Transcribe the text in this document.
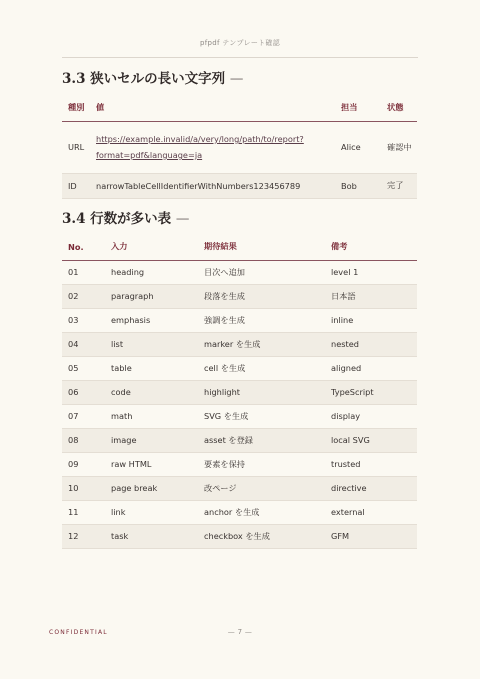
pfpdf テンプレート確認
3.3 狭いセルの長い文字列 —
種別	値	担当	状態
URL	https://example.invalid/a/very/long/path/to/report?
format=pdf&language=ja	Alice	確認中
ID	narrowTableCellIdentifierWithNumbers123456789	Bob	完了
3.4 行数が多い表 —
No.	入力	期待結果	備考
01	heading	目次へ追加	level 1
02	paragraph	段落を生成	日本語
03	emphasis	強調を生成	inline
04	list	marker を生成	nested
05	table	cell を生成	aligned
06	code	highlight	TypeScript
07	math	SVG を生成	display
08	image	asset を登録	local SVG
09	raw HTML	要素を保持	trusted
10	page break	改ページ	directive
11	link	anchor を生成	external
12	task	checkbox を生成	GFM
CONFIDENTIAL	— 7 —
